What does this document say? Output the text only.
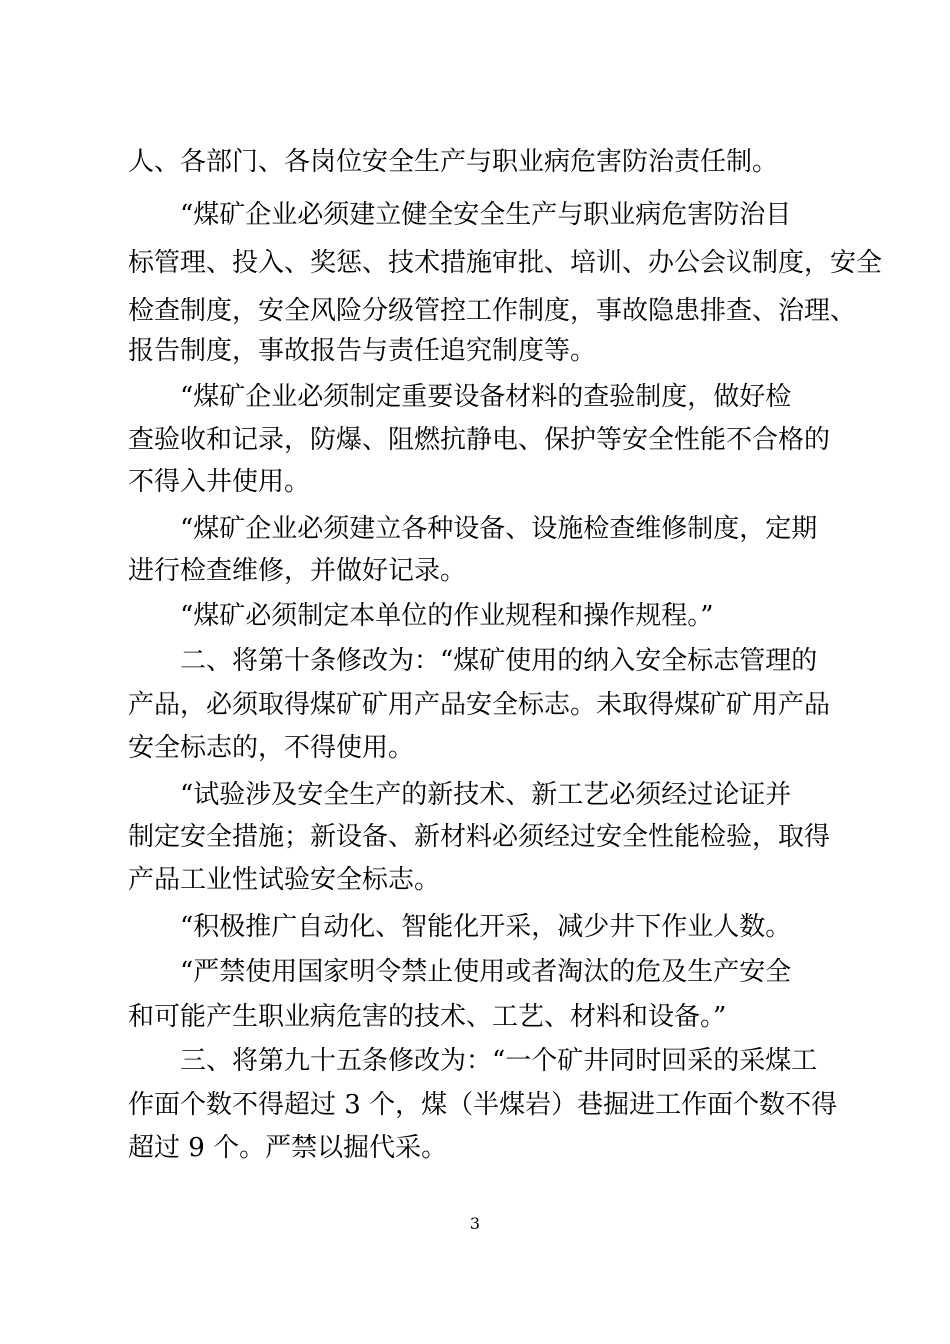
人、各部门、各岗位安全生产与职业病危害防治责任制。
“煤矿企业必须建立健全安全生产与职业病危害防治目
标管理、投入、奖惩、技术措施审批、培训、办公会议制度，安全
检查制度，安全风险分级管控工作制度，事故隐患排查、治理、
报告制度，事故报告与责任追究制度等。
“煤矿企业必须制定重要设备材料的查验制度，做好检
查验收和记录，防爆、阻燃抗静电、保护等安全性能不合格的
不得入井使用。
“煤矿企业必须建立各种设备、设施检查维修制度，定期
进行检查维修，并做好记录。
“煤矿必须制定本单位的作业规程和操作规程。”
二、将第十条修改为：“煤矿使用的纳入安全标志管理的
产品，必须取得煤矿矿用产品安全标志。未取得煤矿矿用产品
安全标志的，不得使用。
“试验涉及安全生产的新技术、新工艺必须经过论证并
制定安全措施；新设备、新材料必须经过安全性能检验，取得
产品工业性试验安全标志。
“积极推广自动化、智能化开采，减少井下作业人数。
“严禁使用国家明令禁止使用或者淘汰的危及生产安全
和可能产生职业病危害的技术、工艺、材料和设备。”
三、将第九十五条修改为：“一个矿井同时回采的采煤工
作面个数不得超过 3 个，煤（半煤岩）巷掘进工作面个数不得
超过 9 个。严禁以掘代采。
3
